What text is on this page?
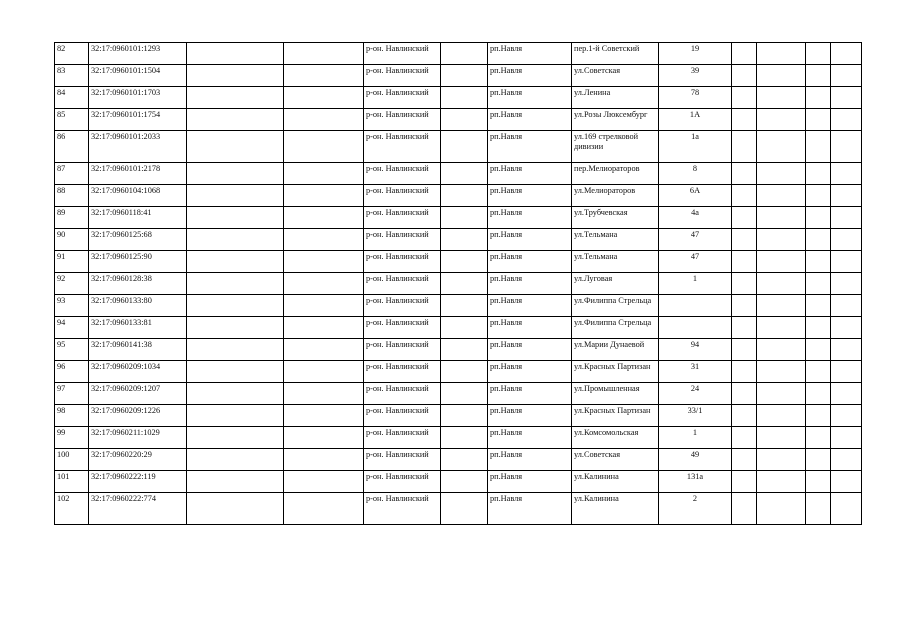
82	32:17:0960101:1293			р-он. Навлинский		рп.Навля	пер.1-й Советский	19				
83	32:17:0960101:1504			р-он. Навлинский		рп.Навля	ул.Советская	39				
84	32:17:0960101:1703			р-он. Навлинский		рп.Навля	ул.Ленина	78				
85	32:17:0960101:1754			р-он. Навлинский		рп.Навля	ул.Розы Люксембург	1А				
86	32:17:0960101:2033			р-он. Навлинский		рп.Навля	ул.169 стрелковой дивизии	1а				
87	32:17:0960101:2178			р-он. Навлинский		рп.Навля	пер.Мелиораторов	8				
88	32:17:0960104:1068			р-он. Навлинский		рп.Навля	ул.Мелиораторов	6А				
89	32:17:0960118:41			р-он. Навлинский		рп.Навля	ул.Трубчевская	4а				
90	32:17:0960125:68			р-он. Навлинский		рп.Навля	ул.Тельмана	47				
91	32:17:0960125:90			р-он. Навлинский		рп.Навля	ул.Тельмана	47				
92	32:17:0960128:38			р-он. Навлинский		рп.Навля	ул.Луговая	1				
93	32:17:0960133:80			р-он. Навлинский		рп.Навля	ул.Филиппа Стрельца					
94	32:17:0960133:81			р-он. Навлинский		рп.Навля	ул.Филиппа Стрельца					
95	32:17:0960141:38			р-он. Навлинский		рп.Навля	ул.Марии Дунаевой	94				
96	32:17:0960209:1034			р-он. Навлинский		рп.Навля	ул.Красных Партизан	31				
97	32:17:0960209:1207			р-он. Навлинский		рп.Навля	ул.Промышленная	24				
98	32:17:0960209:1226			р-он. Навлинский		рп.Навля	ул.Красных Партизан	33/1				
99	32:17:0960211:1029			р-он. Навлинский		рп.Навля	ул.Комсомольская	1				
100	32:17:0960220:29			р-он. Навлинский		рп.Навля	ул.Советская	49				
101	32:17:0960222:119			р-он. Навлинский		рп.Навля	ул.Калинина	131а				
102	32:17:0960222:774			р-он. Навлинский		рп.Навля	ул.Калинина	2				
